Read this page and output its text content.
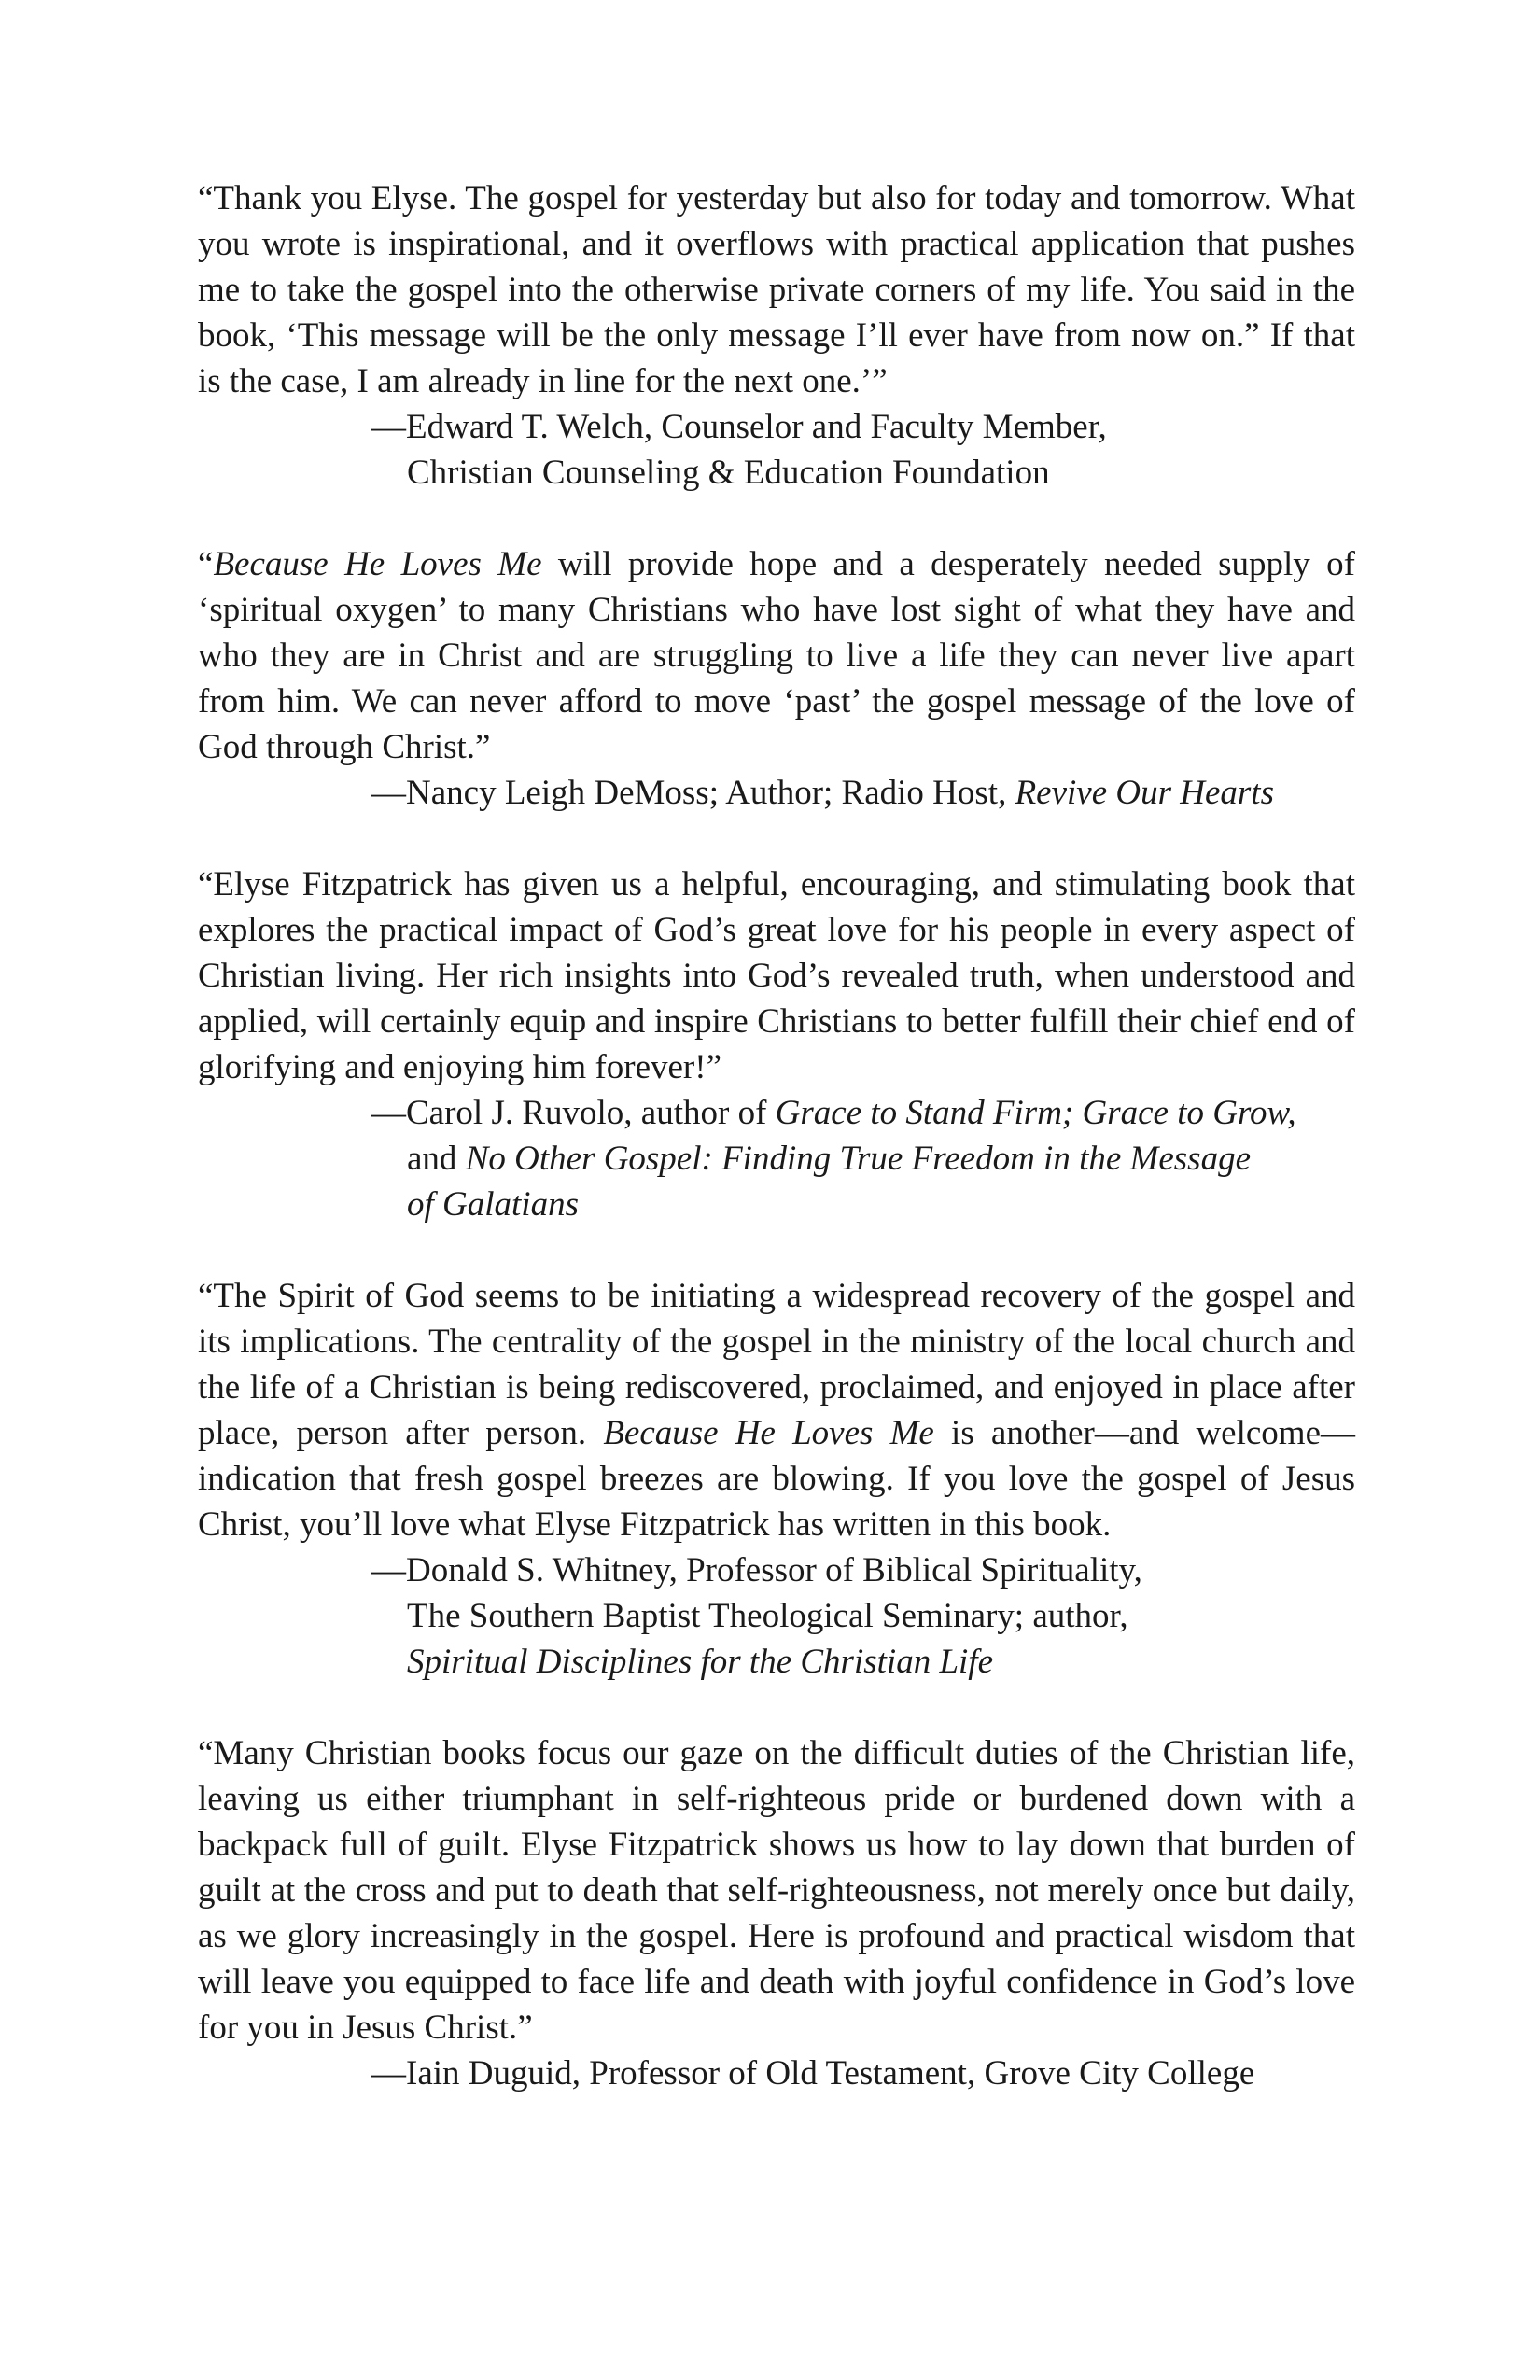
“Thank you Elyse. The gospel for yesterday but also for today and tomorrow. What you wrote is inspirational, and it overflows with practical application that pushes me to take the gospel into the otherwise private corners of my life. You said in the book, ‘This message will be the only message I’ll ever have from now on.” If that is the case, I am already in line for the next one.’”

—Edward T. Welch, Counselor and Faculty Member,
Christian Counseling & Education Foundation

“Because He Loves Me will provide hope and a desperately needed supply of ‘spiritual oxygen’ to many Christians who have lost sight of what they have and who they are in Christ and are struggling to live a life they can never live apart from him. We can never afford to move ‘past’ the gospel message of the love of God through Christ.”

—Nancy Leigh DeMoss; Author; Radio Host, Revive Our Hearts

“Elyse Fitzpatrick has given us a helpful, encouraging, and stimulating book that explores the practical impact of God’s great love for his people in every aspect of Christian living. Her rich insights into God’s revealed truth, when understood and applied, will certainly equip and inspire Christians to better fulfill their chief end of glorifying and enjoying him forever!”

—Carol J. Ruvolo, author of Grace to Stand Firm; Grace to Grow,
and No Other Gospel: Finding True Freedom in the Message
of Galatians

“The Spirit of God seems to be initiating a widespread recovery of the gospel and its implications. The centrality of the gospel in the ministry of the local church and the life of a Christian is being rediscovered, proclaimed, and enjoyed in place after place, person after person. Because He Loves Me is another—and welcome—indication that fresh gospel breezes are blowing. If you love the gospel of Jesus Christ, you’ll love what Elyse Fitzpatrick has written in this book.

—Donald S. Whitney, Professor of Biblical Spirituality,
The Southern Baptist Theological Seminary; author,
Spiritual Disciplines for the Christian Life

“Many Christian books focus our gaze on the difficult duties of the Christian life, leaving us either triumphant in self-righteous pride or burdened down with a backpack full of guilt. Elyse Fitzpatrick shows us how to lay down that burden of guilt at the cross and put to death that self-righteousness, not merely once but daily, as we glory increasingly in the gospel. Here is profound and practical wisdom that will leave you equipped to face life and death with joyful confidence in God’s love for you in Jesus Christ.”

—Iain Duguid, Professor of Old Testament, Grove City College
